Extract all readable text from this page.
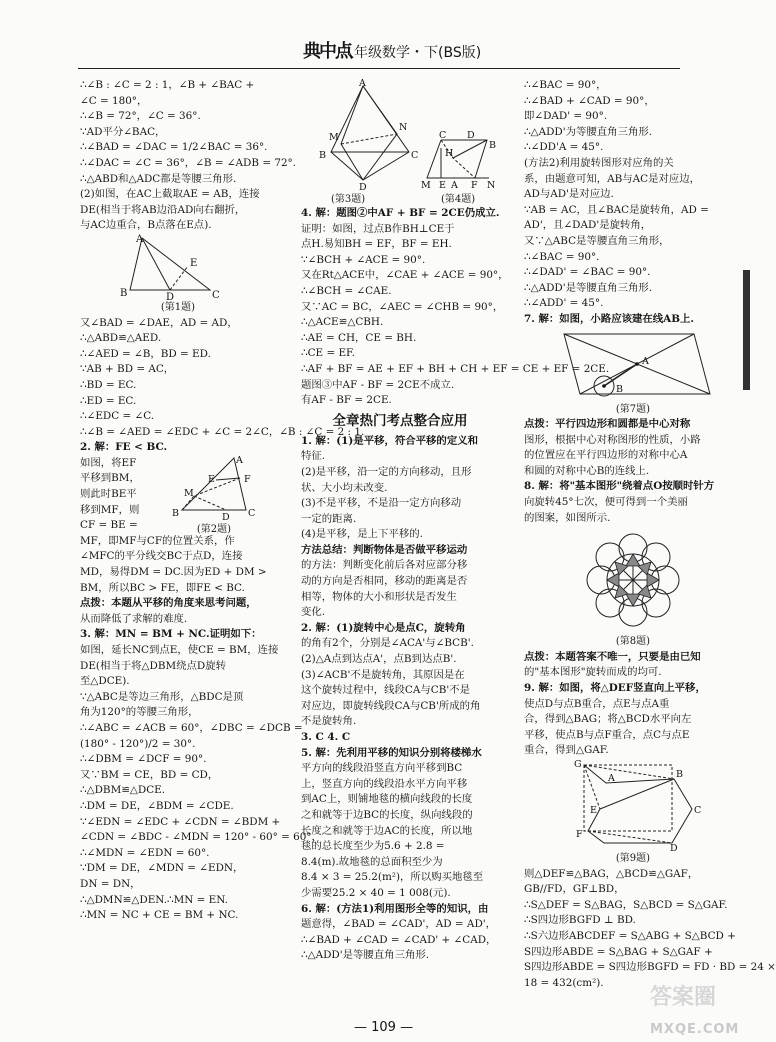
典中点
八年级数学・下(BS版)
∴∠B : ∠C = 2 : 1，∠B + ∠BAC +
∠C = 180°，
∴∠B = 72°，∠C = 36°.
∵AD平分∠BAC，
∴∠BAD = ∠DAC = 1/2∠BAC = 36°.
∴∠DAC = ∠C = 36°，∠B = ∠ADB = 72°.
∴△ABD和△ADC都是等腰三角形.
(2)如图，在AC上截取AE = AB，连接
DE(相当于将AB边沿AD向右翻折，
与AC边重合，B点落在E点).
A
B	D	C
E
(第1题)
又∠BAD = ∠DAE，AD = AD，
∴△ABD≌△AED.
∴∠AED = ∠B，BD = ED.
∵AB + BD = AC，
∴BD = EC.
∴ED = EC.
∴∠EDC = ∠C.
∴∠B = ∠AED = ∠EDC + ∠C = 2∠C，∠B : ∠C = 2 : 1.
2. 解：FE < BC.
如图，将EF
平移到BM，
则此时BE平
移到MF，则
CF = BE =
A
E	F
M
B	D C
(第2题)
MF，即MF与CF的位置关系，作
∠MFC的平分线交BC于点D，连接
MD，易得DM = DC.因为ED + DM >
BM，所以BC > FE，即FE < BC.
点拨：本题从平移的角度来思考问题，
从而降低了求解的难度.
3. 解：MN = BM + NC.证明如下：
如图，延长NC到点E，使CE = BM，连接
DE(相当于将△DBM绕点D旋转
至△DCE).
∵△ABC是等边三角形，△BDC是顶
角为120°的等腰三角形，
∴∠ABC = ∠ACB = 60°，∠DBC = ∠DCB =
(180° - 120°)/2 = 30°.
∴∠DBM = ∠DCF = 90°.
又∵BM = CE，BD = CD，
∴△DBM≌△DCE.
∴DM = DE，∠BDM = ∠CDE.
∵∠EDN = ∠EDC + ∠CDN = ∠BDM +
∠CDN = ∠BDC - ∠MDN = 120° - 60° = 60°，
∴∠MDN = ∠EDN = 60°.
∵DM = DE，∠MDN = ∠EDN，
DN = DN，
∴△DMN≌△DEN.∴MN = EN.
∴MN = NC + CE = BM + NC.
A
M
N
B	C
D
C D
H
B
M E A F N
(第3题)	(第4题)
4. 解：题图②中AF + BF = 2CE仍成立.
证明：如图，过点B作BH⊥CE于
点H.易知BH = EF，BF = EH.
∵∠BCH + ∠ACE = 90°.
又在Rt△ACE中，∠CAE + ∠ACE = 90°，
∴∠BCH = ∠CAE.
又∵AC = BC，∠AEC = ∠CHB = 90°，
∴△ACE≌△CBH.
∴AE = CH，CE = BH.
∴CE = EF.
∴AF + BF = AE + EF + BH + CH + EF = CE + EF = 2CE.
题图③中AF - BF = 2CE不成立.
有AF - BF = 2CE.
全章热门考点整合应用
1. 解：(1)是平移，符合平移的定义和
特征.
(2)是平移，沿一定的方向移动，且形
状、大小均未改变.
(3)不是平移，不是沿一定方向移动
一定的距离.
(4)是平移，是上下平移的.
方法总结：判断物体是否做平移运动
的方法：判断变化前后各对应部分移
动的方向是否相同，移动的距离是否
相等，物体的大小和形状是否发生
变化.
2. 解：(1)旋转中心是点C，旋转角
的角有2个，分别是∠ACA'与∠BCB'.
(2)△A点到达点A'，点B到达点B'.
(3)∠ACB'不是旋转角，其原因是在
这个旋转过程中，线段CA与CB'不是
对应边，即旋转线段CA与CB'所成的角
不是旋转角.
3. C 4. C
5. 解：先利用平移的知识分别将楼梯水
平方向的线段沿竖直方向平移到BC
上，竖直方向的线段沿水平方向平移
到AC上，则铺地毯的横向线段的长度
之和就等于边BC的长度，纵向线段的
长度之和就等于边AC的长度，所以地
毯的总长度至少为5.6 + 2.8 =
8.4(m).故地毯的总面积至少为
8.4 × 3 = 25.2(m²)，所以购买地毯至
少需要25.2 × 40 = 1 008(元).
6. 解：(方法1)利用图形全等的知识，由
题意得，∠BAD = ∠CAD'，AD = AD'，
∴∠BAD + ∠CAD = ∠CAD' + ∠CAD，
∴△ADD'是等腰直角三角形.
∴∠BAC = 90°，
∴∠BAD + ∠CAD = 90°，
即∠DAD' = 90°.
∴△ADD'为等腰直角三角形.
∴∠DD'A = 45°.
(方法2)利用旋转图形对应角的关
系，由题意可知，AB与AC是对应边，
AD与AD'是对应边.
∵AB = AC，且∠BAC是旋转角，AD =
AD'，且∠DAD'是旋转角，
又∵△ABC是等腰直角三角形，
∴∠BAC = 90°.
∴∠DAD' = ∠BAC = 90°.
∴△ADD'是等腰直角三角形.
∴∠ADD' = 45°.
7. 解：如图，小路应该建在线AB上.
A
B
(第7题)
点拨：平行四边形和圆都是中心对称
图形，根据中心对称图形的性质，小路
的位置应在平行四边形的对称中心A
和圆的对称中心B的连线上.
8. 解：将"基本图形"绕着点O按顺时针方
向旋转45°七次，便可得到一个美丽
的图案，如图所示.
(第8题)
点拨：本题答案不唯一，只要是由已知
的"基本图形"旋转而成的均可.
9. 解：如图，将△DEF竖直向上平移，
使点D与点B重合，点E与点A重
合，得到△BAG；将△BCD水平向左
平移，使点B与点F重合，点C与点E
重合，得到△GAF.
G
A	B
F
E	C
D
(第9题)
则△DEF≌△BAG，△BCD≌△GAF，
GB//FD，GF⊥BD，
∴S△DEF = S△BAG，S△BCD = S△GAF.
∴S四边形BGFD ⊥ BD.
∴S六边形ABCDEF = S△ABG + S△BCD +
S四边形ABDE = S△BAG + S△GAF +
S四边形ABDE = S四边形BGFD = FD · BD = 24 ×
18 = 432(cm²).
— 109 —
答案圈
MXQE.COM
